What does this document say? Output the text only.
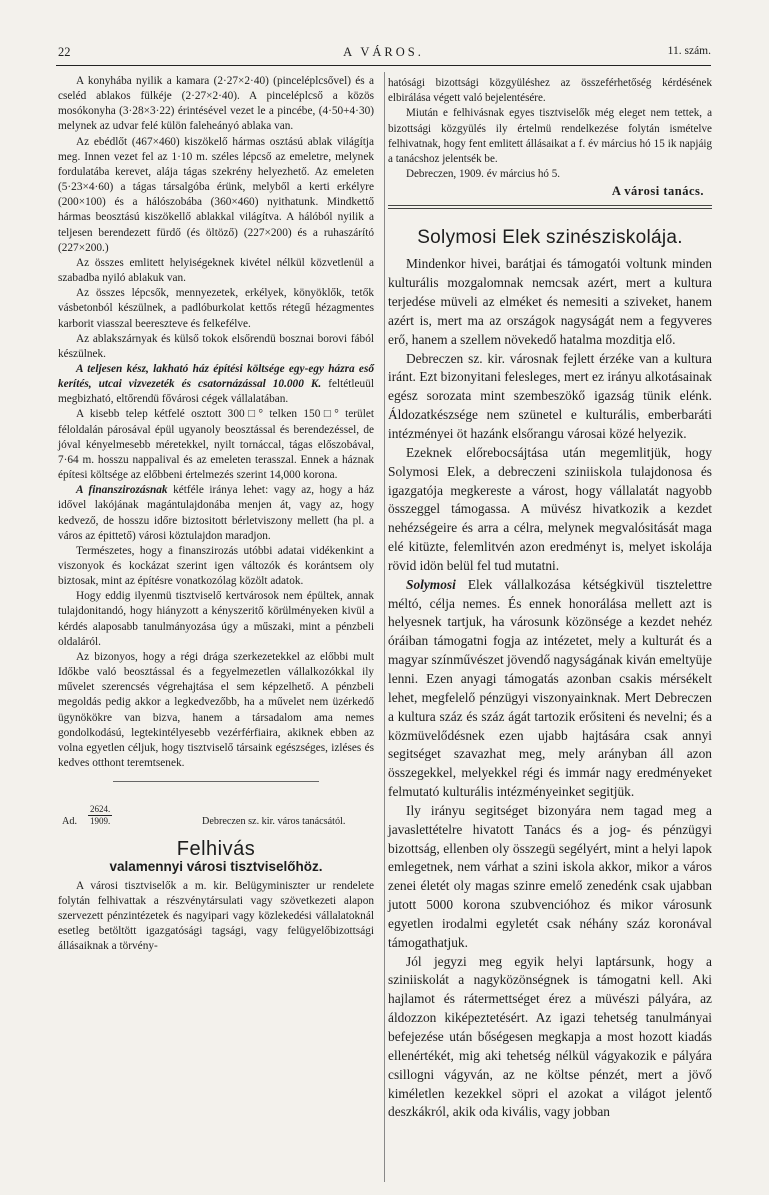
22	A VÁROS.	11. szám.

A konyhába nyilik a kamara (2·27×2·40) (pinceléplcsővel) és a cseléd ablakos fülkéje (2·27×2·40). A pinceléplcső a közös mosókonyha (3·28×3·22) érintésével vezet le a pincébe, (4·50+4·30) melynek az udvar felé külön faleheányó ablaka van.

Az ebédlőt (467×460) kiszökelő hármas osztású ablak világítja meg. Innen vezet fel az 1·10 m. széles lépcső az emeletre, melynek fordulatába kerevet, alája tágas szekrény helyezhető. Az emeleten (5·23×4·60) a tágas társalgóba érünk, melyből a kerti erkélyre (200×100) és a hálószobába (360×460) nyithatunk. Mindkettő hármas beosztású kiszökellő ablakkal világítva. A hálóból nyilik a teljesen berendezett fürdő (és öltöző) (227×200) és a ruhaszárító (227×200.)

Az összes emlitett helyiségeknek kivétel nélkül közvetlenül a szabadba nyiló ablakuk van.

Az összes lépcsők, mennyezetek, erkélyek, könyöklők, tetők vásbetonból készülnek, a padlóburkolat kettős rétegű hézagmentes karborit viasszal beereszteve és felkefélve.

Az ablakszárnyak és külső tokok elsőrendü bosznai borovi fából készülnek.

A teljesen kész, lakható ház építési költsége egy-egy házra eső kerítés, utcai vizvezeték és csatornázással 10.000 K. feltétleuül megbizható, eltőrendü fővárosi cégek vállalatában.

A kisebb telep kétfelé osztott 300□° telken 150□° terület féloldalán párosával épül ugyanoly beosztással és berendezéssel, de jóval kényelmesebb méretekkel, nyilt tornáccal, tágas előszobával, 7·64 m. hosszu nappalival és az emeleten terasszal. Ennek a háznak építesi költsége az előbbeni értelmezés szerint 14,000 korona.

A finanszirozásnak kétféle iránya lehet: vagy az, hogy a ház idővel lakójának magántulajdonába menjen át, vagy az, hogy kedvező, de hosszu időre biztositott bérletviszony mellett (ha pl. a város az épittető) városi köztulajdon maradjon.

Természetes, hogy a finanszirozás utóbbi adatai vidékenkint a viszonyok és kockázat szerint igen változók és korántsem oly biztosak, mint az építésre vonatkozólag közölt adatok.

Hogy eddig ilyenmü tisztviselő kertvárosok nem épültek, annak tulajdonitandó, hogy hiányzott a kényszeritő körülményeken kivül a kérdés alaposabb tanulmányozása úgy a műszaki, mint a pénzbeli oldaláról.

Az bizonyos, hogy a régi drága szerkezetekkel az előbbi mult Időkbe való beosztással és a fegyelmezetlen vállalkozókkal ily művelet szerencsés végrehajtása el sem képzelhető. A pénzbeli megoldás pedig akkor a legkedvezőbb, ha a művelet nem üzérkedő ügynökökre van bizva, hanem a társadalom ama nemes gondolkodású, legtekintélyesebb vezérférfiaira, akiknek ebben az volna egyetlen céljuk, hogy tisztviselő társaink egészséges, izléses és kedves otthont teremtsenek.

Ad. $\frac{2624.}{1909.}$	Debreczen sz. kir. város tanácsától.
Felhivás
valamennyi városi tisztviselőhöz.

A városi tisztviselők a m. kir. Belügyminiszter ur rendelete folytán felhivattak a részvénytársulati vagy szövetkezeti alapon szervezett pénzintézetek és nagyipari vagy közlekedési vállalatoknál esetleg betöltött igazgatósági tagsági, vagy felügyelőbizottsági állásaiknak a törvény-

hatósági bizottsági közgyüléshez az összeférhetőség kérdésének elbirálása végett való bejelentésére.

Miután e felhivásnak egyes tisztviselők még eleget nem tettek, a bizottsági közgyülés ily értelmü rendelkezése folytán ismételve felhivatnak, hogy fent emlitett állásaikat a f. év március hó 15 ik napjáig a tanácshoz jelentsék be.

Debreczen, 1909. év március hó 5.
A városi tanács.
Solymosi Elek szinésziskolája.

Mindenkor hivei, barátjai és támogatói voltunk minden kulturális mozgalomnak nemcsak azért, mert a kultura terjedése müveli az elméket és nemesiti a sziveket, hanem azért is, mert ma az országok nagyságát nem a fegyveres erő, hanem a szellem növekedő hatalma mozditja elő.

Debreczen sz. kir. városnak fejlett érzéke van a kultura iránt. Ezt bizonyitani felesleges, mert ez irányu alkotásainak egész sorozata mint szembeszökő igazság tünik elénk. Áldozatkészsége nem szünetel e kulturális, emberbaráti intézményei öt hazánk elsőrangu városai közé helyezik.

Ezeknek előrebocsájtása után megemlitjük, hogy Solymosi Elek, a debreczeni sziniiskola tulajdonosa és igazgatója megkereste a várost, hogy vállalatát nagyobb összeggel támogassa. A müvész hivatkozik a kezdet nehézségeire és arra a célra, melynek megvalósitását maga elé kitüzte, felemlitvén azon eredményt is, melyet iskolája rövid idön belül fel tud mutatni.

Solymosi Elek vállalkozása kétségkivül tisztelettre méltó, célja nemes. És ennek honorálása mellett azt is helyesnek tartjuk, ha városunk közönsége a kezdet nehéz óráiban támogatni fogja az intézetet, mely a kulturát és a magyar színművészet jövendő nagyságának kiván emeltyüje lenni. Ezen anyagi támogatás azonban csakis mérsékelt lehet, megfelelő pénzügyi viszonyainknak. Mert Debreczen a kultura száz és száz ágát tartozik erősiteni és nevelni; és a közmüvelődésnek ezen ujabb hajtására csak annyi segitséget szavazhat meg, mely arányban áll azon összegekkel, melyekkel régi és immár nagy eredményeket felmutató kulturális intézményeinket segitjük.

Ily irányu segitséget bizonyára nem tagad meg a javaslettételre hivatott Tanács és a jog- és pénzügyi bizottság, ellenben oly összegü segélyért, mint a helyi lapok emlegetnek, nem várhat a szini iskola akkor, mikor a város zenei életét oly magas szinre emelő zenedénk csak ujabban jutott 5000 korona szubvencióhoz és mikor városunk egyetlen irodalmi egyletét csak néhány száz koronával támogathatjuk.

Jól jegyzi meg egyik helyi laptársunk, hogy a sziniiskolát a nagyközönségnek is támogatni kell. Aki hajlamot és rátermettséget érez a müvészi pályára, az áldozzon kiképeztetésért. Az igazi tehetség tanulmányai befejezése után bőségesen megkapja a most hozott kiadás ellenértékét, mig aki tehetség nélkül vágyakozik e pályára csillogni vágyván, az ne költse pénzét, mert a jövő kiméletlen kezekkel söpri el azokat a világot jelentő deszkákról, akik oda kivális, vagy jobban
